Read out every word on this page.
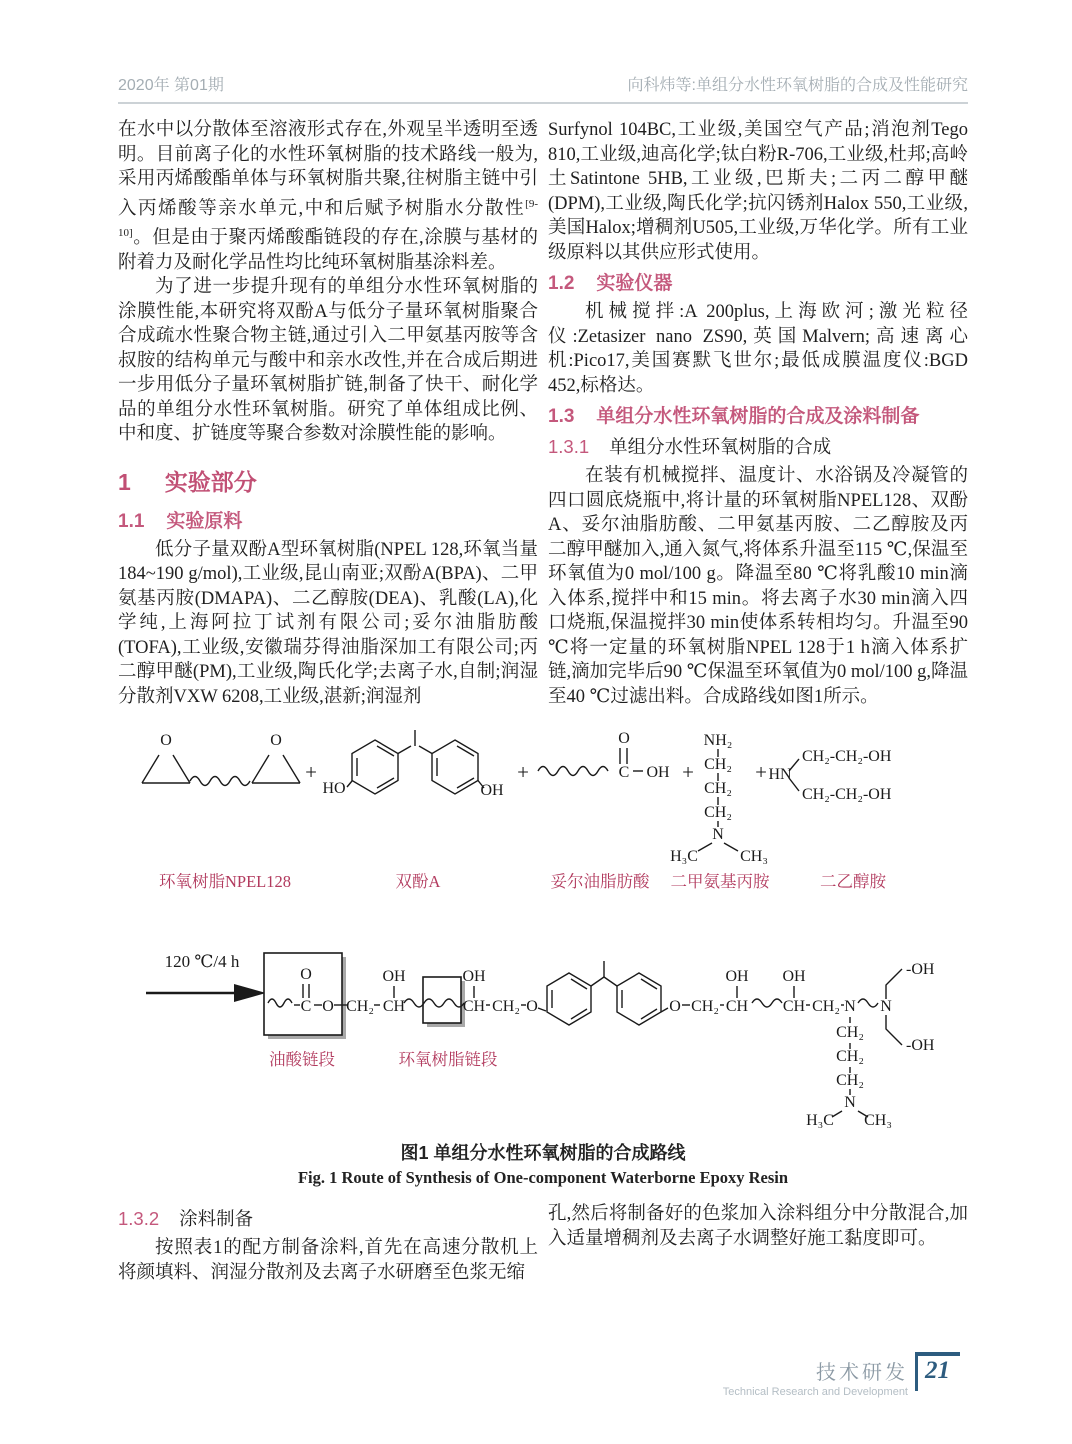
2020年 第01期	向科炜等:单组分水性环氧树脂的合成及性能研究

在水中以分散体至溶液形式存在,外观呈半透明至透明。目前离子化的水性环氧树脂的技术路线一般为,采用丙烯酸酯单体与环氧树脂共聚,往树脂主链中引入丙烯酸等亲水单元,中和后赋予树脂水分散性[9-10]。但是由于聚丙烯酸酯链段的存在,涂膜与基材的附着力及耐化学品性均比纯环氧树脂基涂料差。

为了进一步提升现有的单组分水性环氧树脂的涂膜性能,本研究将双酚A与低分子量环氧树脂聚合合成疏水性聚合物主链,通过引入二甲氨基丙胺等含叔胺的结构单元与酸中和亲水改性,并在合成后期进一步用低分子量环氧树脂扩链,制备了快干、耐化学品的单组分水性环氧树脂。研究了单体组成比例、中和度、扩链度等聚合参数对涂膜性能的影响。

1 实验部分
1.1 实验原料

低分子量双酚A型环氧树脂(NPEL 128,环氧当量184~190 g/mol),工业级,昆山南亚;双酚A(BPA)、二甲氨基丙胺(DMAPA)、二乙醇胺(DEA)、乳酸(LA),化学纯,上海阿拉丁试剂有限公司;妥尔油脂肪酸(TOFA),工业级,安徽瑞芬得油脂深加工有限公司;丙二醇甲醚(PM),工业级,陶氏化学;去离子水,自制;润湿分散剂VXW 6208,工业级,湛新;润湿剂

Surfynol 104BC,工业级,美国空气产品;消泡剂Tego 810,工业级,迪高化学;钛白粉R-706,工业级,杜邦;高岭土Satintone 5HB,工业级,巴斯夫;二丙二醇甲醚(DPM),工业级,陶氏化学;抗闪锈剂Halox 550,工业级,美国Halox;增稠剂U505,工业级,万华化学。所有工业级原料以其供应形式使用。

1.2 实验仪器

机械搅拌:A 200plus,上海欧河;激光粒径仪:Zetasizer nano ZS90,英国Malvern;高速离心机:Pico17,美国赛默飞世尔;最低成膜温度仪:BGD 452,标格达。

1.3 单组分水性环氧树脂的合成及涂料制备
1.3.1 单组分水性环氧树脂的合成

在装有机械搅拌、温度计、水浴锅及冷凝管的四口圆底烧瓶中,将计量的环氧树脂NPEL128、双酚A、妥尔油脂肪酸、二甲氨基丙胺、二乙醇胺及丙二醇甲醚加入,通入氮气,将体系升温至115 ℃,保温至环氧值为0 mol/100 g。降温至80 ℃将乳酸10 min滴入体系,搅拌中和15 min。将去离子水30 min滴入四口烧瓶,保温搅拌30 min使体系转相均匀。升温至90 ℃将一定量的环氧树脂NPEL 128于1 h滴入体系扩链,滴加完毕后90 ℃保温至环氧值为0 mol/100 g,降温至40 ℃过滤出料。合成路线如图1所示。

O	O
+
HO	OH
+	C
O
OH +
NH₂
CH₂
CH₂
CH₂
N
H₃C	CH₃
+ HN
CH₂-CH₂-OH
CH₂-CH₂-OH
环氧树脂NPEL128	双酚A	妥尔油脂肪酸 二甲氨基丙胺	二乙醇胺
120 ℃/4 h
C
O
O CH₂ CH
OH
CH
OH
CH₂ O	O CH₂ CH
OH
CH
OH
CH₂ N N
-OH
-OH
CH₂
CH₂
CH₂
N
H₃C CH₃
油酸链段	环氧树脂链段
图1 单组分水性环氧树脂的合成路线
Fig. 1 Route of Synthesis of One-component Waterborne Epoxy Resin
1.3.2 涂料制备

按照表1的配方制备涂料,首先在高速分散机上将颜填料、润湿分散剂及去离子水研磨至色浆无缩

孔,然后将制备好的色浆加入涂料组分中分散混合,加入适量增稠剂及去离子水调整好施工黏度即可。

技术研发
Technical Research and Development
21
